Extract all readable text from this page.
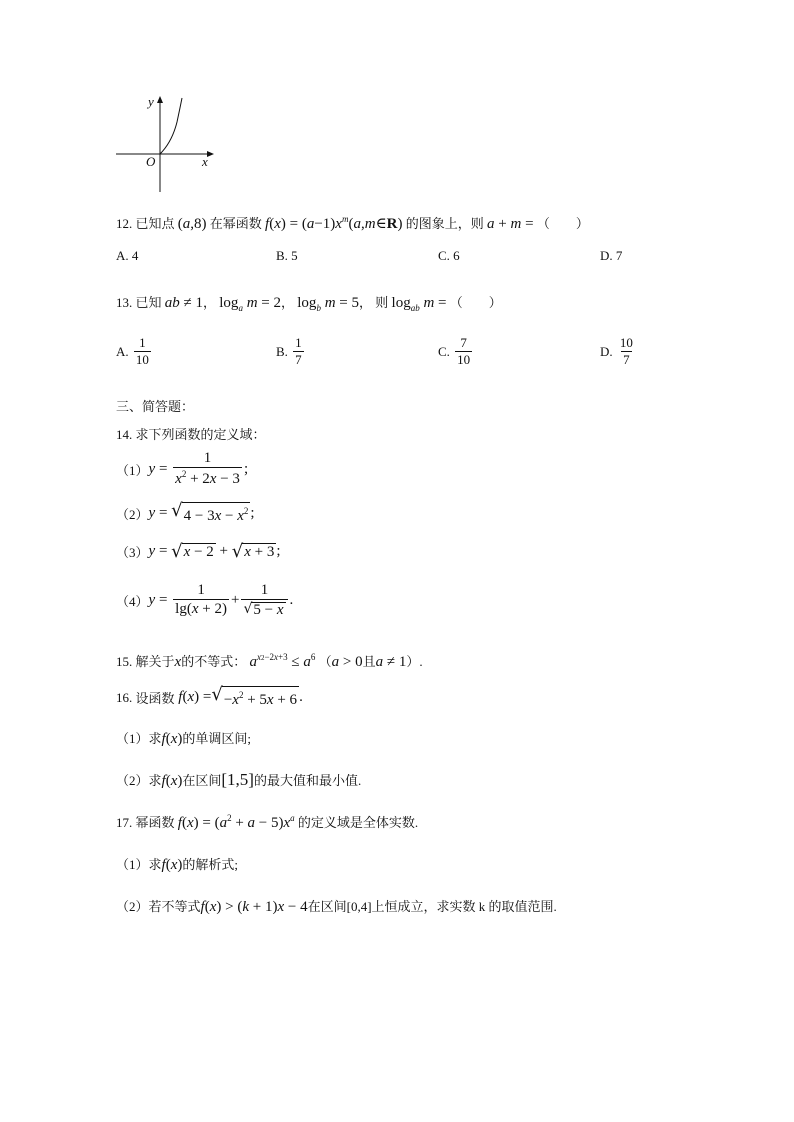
y
x
O
12. 已知点 (a,8) 在幂函数 $f(x) = (a-1)x^m(a,m\in R)$ 的图象上，则 a + m = （　　）
A. 4	B. 5	C. 6	D. 7
13. 已知 ab ≠ 1， $\log_a m = 2$， $\log_b m = 5$， 则 $\log_{ab} m$ = （　　）
A.
$\frac{1}{10}$	B.
$\frac{1}{7}$	C.
$\frac{7}{10}$	D.
$\frac{10}{7}$
三、简答题：
14. 求下列函数的定义域：
（1） $y = \frac{1}{x^2 + 2x - 3}$ ;
（2） y = √ $4 - 3x - x^2$ ;
（3） y = √ x − 2 + √ x + 3 ;
（4） $y = \frac{1}{\lg(x + 2)} + \frac{1}{√ 5 - x}$ .
15. 解关于x的不等式： $a^{x2-2x+3} \le a^6$ （a > 0且a ≠ 1）.
16.
设函数 f ( x ) = √ $-x^2 + 5x + 6$ .
（1）求f(x)的单调区间;
（2）求f(x)在区间[1,5]的最大值和最小值.
17. 幂函数 $f(x) = (a^2 + a - 5)x^a$ 的定义域是全体实数.
（1）求f(x)的解析式;
（2）若不等式f(x) > (k + 1)x − 4在区间[0,4]上恒成立，求实数 k 的取值范围.
